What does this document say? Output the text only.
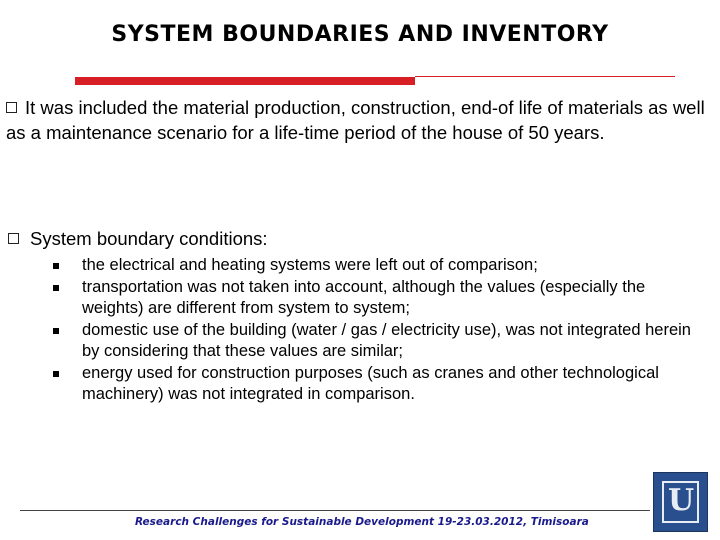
SYSTEM BOUNDARIES AND INVENTORY
It was included the material production, construction, end-of life of materials as well as a maintenance scenario for a life-time period of the house of 50 years.
System boundary conditions:
the electrical and heating systems were left out of comparison;
transportation was not taken into account, although the values (especially the weights) are different from system to system;
domestic use of the building (water / gas / electricity use), was not integrated herein by considering that these values are similar;
energy used for construction purposes (such as cranes and other technological machinery) was not integrated in comparison.
Research Challenges for Sustainable Development 19-23.03.2012, Timisoara
U
